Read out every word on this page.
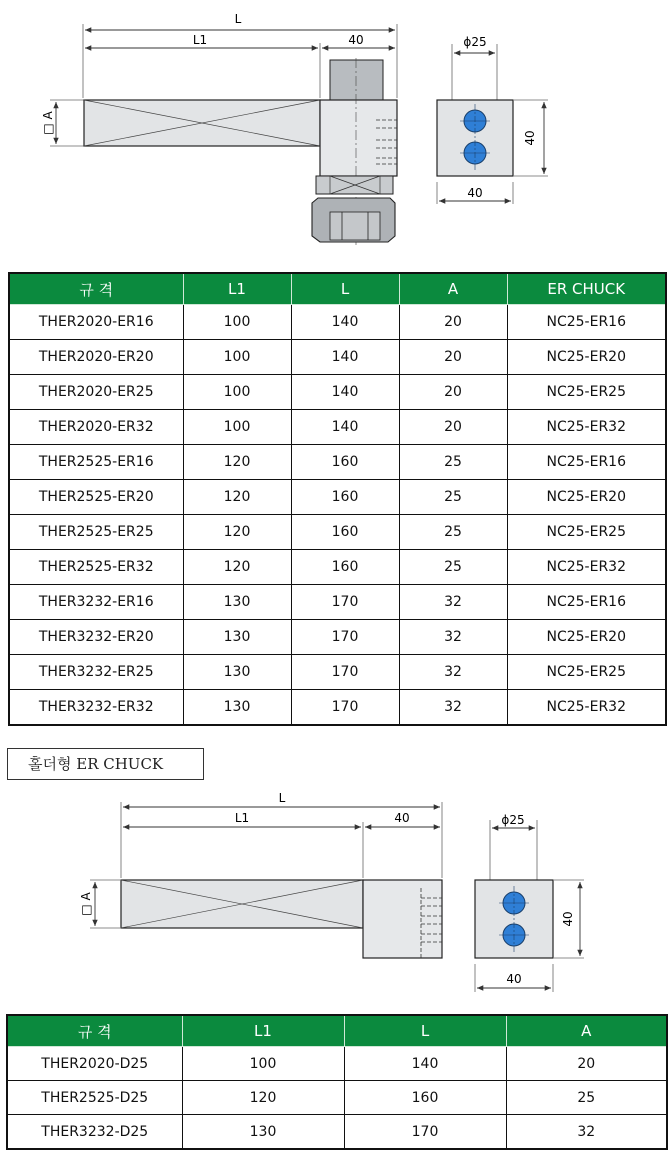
L
L1	40
□ A
ϕ25
40
40
규 격	L1	L	A	ER CHUCK
THER2020-ER16	100	140	20	NC25-ER16
THER2020-ER20	100	140	20	NC25-ER20
THER2020-ER25	100	140	20	NC25-ER25
THER2020-ER32	100	140	20	NC25-ER32
THER2525-ER16	120	160	25	NC25-ER16
THER2525-ER20	120	160	25	NC25-ER20
THER2525-ER25	120	160	25	NC25-ER25
THER2525-ER32	120	160	25	NC25-ER32
THER3232-ER16	130	170	32	NC25-ER16
THER3232-ER20	130	170	32	NC25-ER20
THER3232-ER25	130	170	32	NC25-ER25
THER3232-ER32	130	170	32	NC25-ER32
홀더형 ER CHUCK
L
L1	40
□ A
ϕ25
40
40
규 격	L1	L	A
THER2020-D25	100	140	20
THER2525-D25	120	160	25
THER3232-D25	130	170	32
